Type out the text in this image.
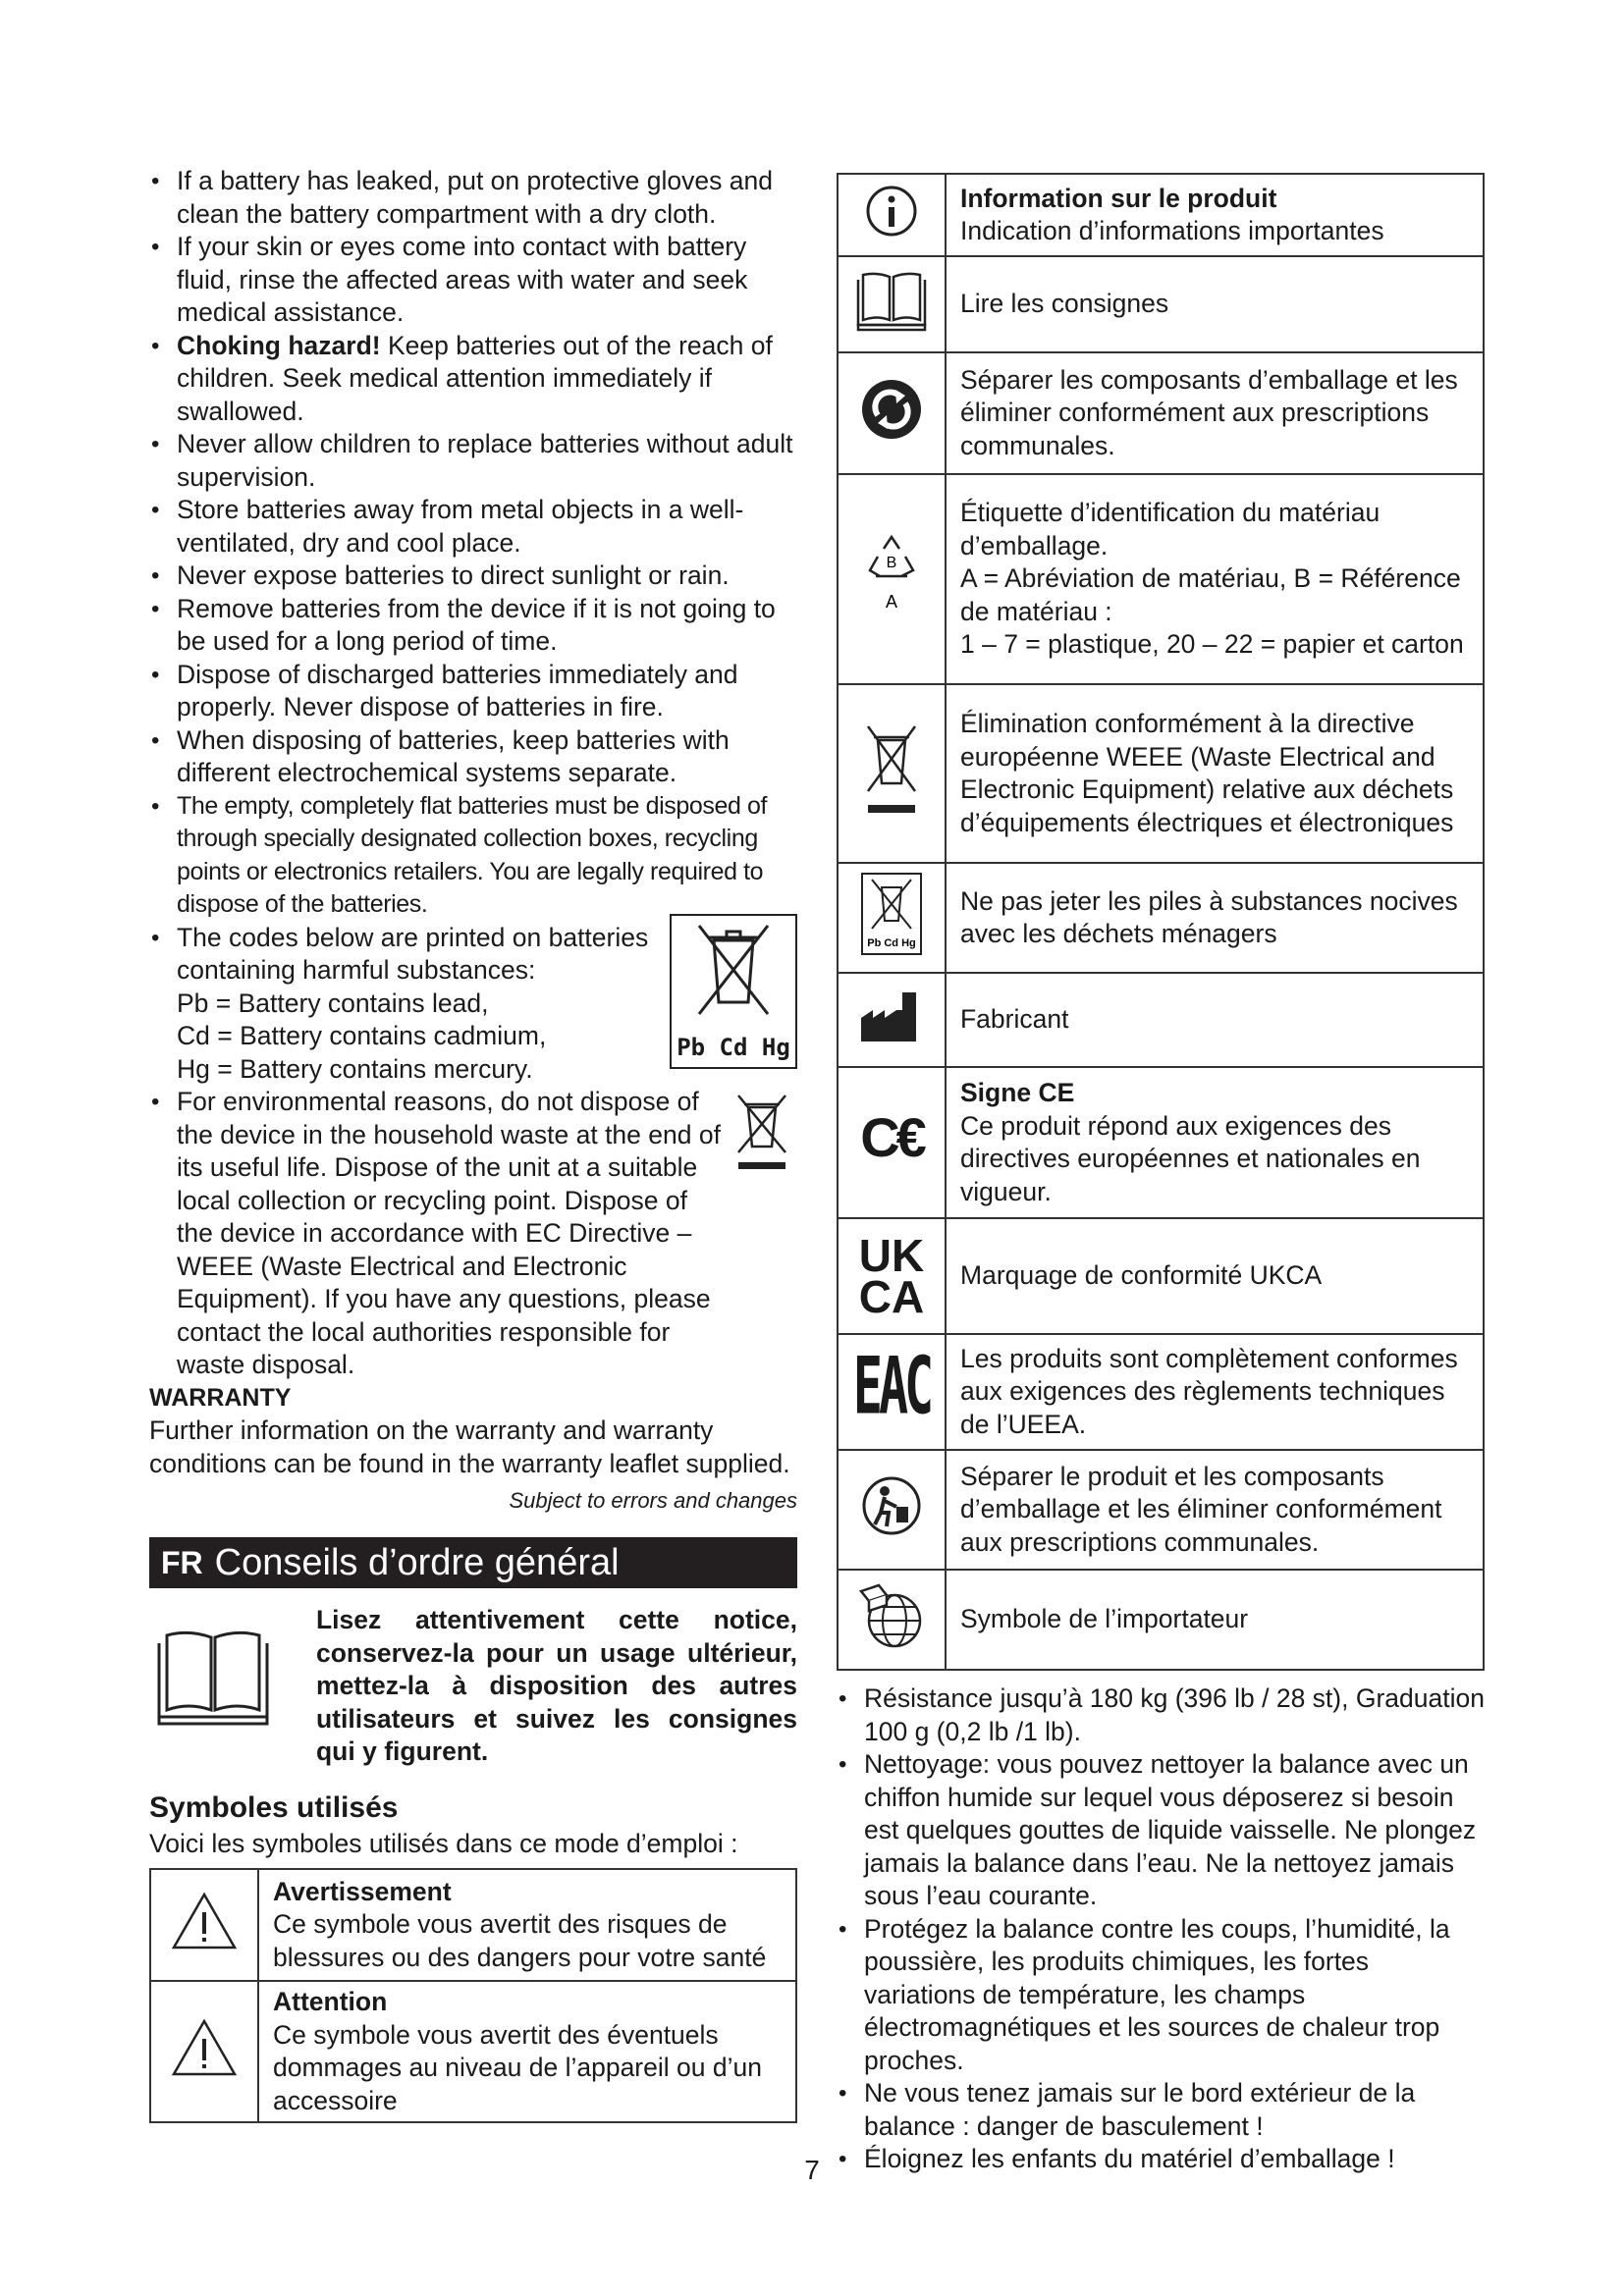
• If a battery has leaked, put on protective gloves and clean the battery compartment with a dry cloth.
• If your skin or eyes come into contact with battery fluid, rinse the affected areas with water and seek medical assistance.
• Choking hazard! Keep batteries out of the reach of children. Seek medical attention immediately if swallowed.
• Never allow children to replace batteries without adult supervision.
• Store batteries away from metal objects in a well-ventilated, dry and cool place.
• Never expose batteries to direct sunlight or rain.
• Remove batteries from the device if it is not going to be used for a long period of time.
• Dispose of discharged batteries immediately and properly. Never dispose of batteries in fire.
• When disposing of batteries, keep batteries with different electrochemical systems separate.
• The empty, completely flat batteries must be disposed of through specially designated collection boxes, recycling points or electronics retailers. You are legally required to dispose of the batteries.
• Pb Cd Hg
The codes below are printed on batteries containing harmful substances:
Pb = Battery contains lead,
Cd = Battery contains cadmium,
Hg = Battery contains mercury.
• For environmental reasons, do not dispose of the device in the household waste at the end of its useful life. Dispose of the unit at a suitable local collection or recycling point. Dispose of the device in accordance with EC Directive – WEEE (Waste Electrical and Electronic Equipment). If you have any questions, please contact the local authorities responsible for waste disposal.
WARRANTY
Further information on the warranty and warranty conditions can be found in the warranty leaflet supplied.
Subject to errors and changes
FR Conseils d’ordre général
Lisez attentivement cette notice, conservez-la pour un usage ultérieur, mettez-la à disposition des autres utilisateurs et suivez les consignes qui y figurent.
Symboles utilisés
Voici les symboles utilisés dans ce mode d’emploi :

Avertissement
Ce symbole vous avertit des risques de blessures ou des dangers pour votre santé

Attention
Ce symbole vous avertit des éventuels dommages au niveau de l’appareil ou d’un accessoire

Information sur le produit
Indication d’informations importantes

	Lire les consignes
	Séparer les composants d’emballage et les éliminer conformément aux prescriptions communales.

B
A	Étiquette d’identification du matériau d’emballage.
A = Abréviation de matériau, B = Référence de matériau :
1 – 7 = plastique, 20 – 22 = papier et carton
	Élimination conformément à la directive européenne WEEE (Waste Electrical and Electronic Equipment) relative aux déchets d’équipements électriques et électroniques

Pb Cd Hg	Ne pas jeter les piles à substances nocives avec les déchets ménagers
	Fabricant
C€	Signe CE
Ce produit répond aux exigences des directives européennes et nationales en vigueur.

UK
CA	Marquage de conformité UKCA
EAC	Les produits sont complètement conformes aux exigences des règlements techniques de l’UEEA.
	Séparer le produit et les composants d’emballage et les éliminer conformément aux prescriptions communales.
	Symbole de l’importateur
• Résistance jusqu’à 180 kg (396 lb / 28 st), Graduation 100 g (0,2 lb /1 lb).
• Nettoyage: vous pouvez nettoyer la balance avec un chiffon humide sur lequel vous déposerez si besoin est quelques gouttes de liquide vaisselle. Ne plongez jamais la balance dans l’eau. Ne la nettoyez jamais sous l’eau courante.
• Protégez la balance contre les coups, l’humidité, la poussière, les produits chimiques, les fortes variations de température, les champs électromagnétiques et les sources de chaleur trop proches.
• Ne vous tenez jamais sur le bord extérieur de la balance : danger de basculement !
• Éloignez les enfants du matériel d’emballage !
7
